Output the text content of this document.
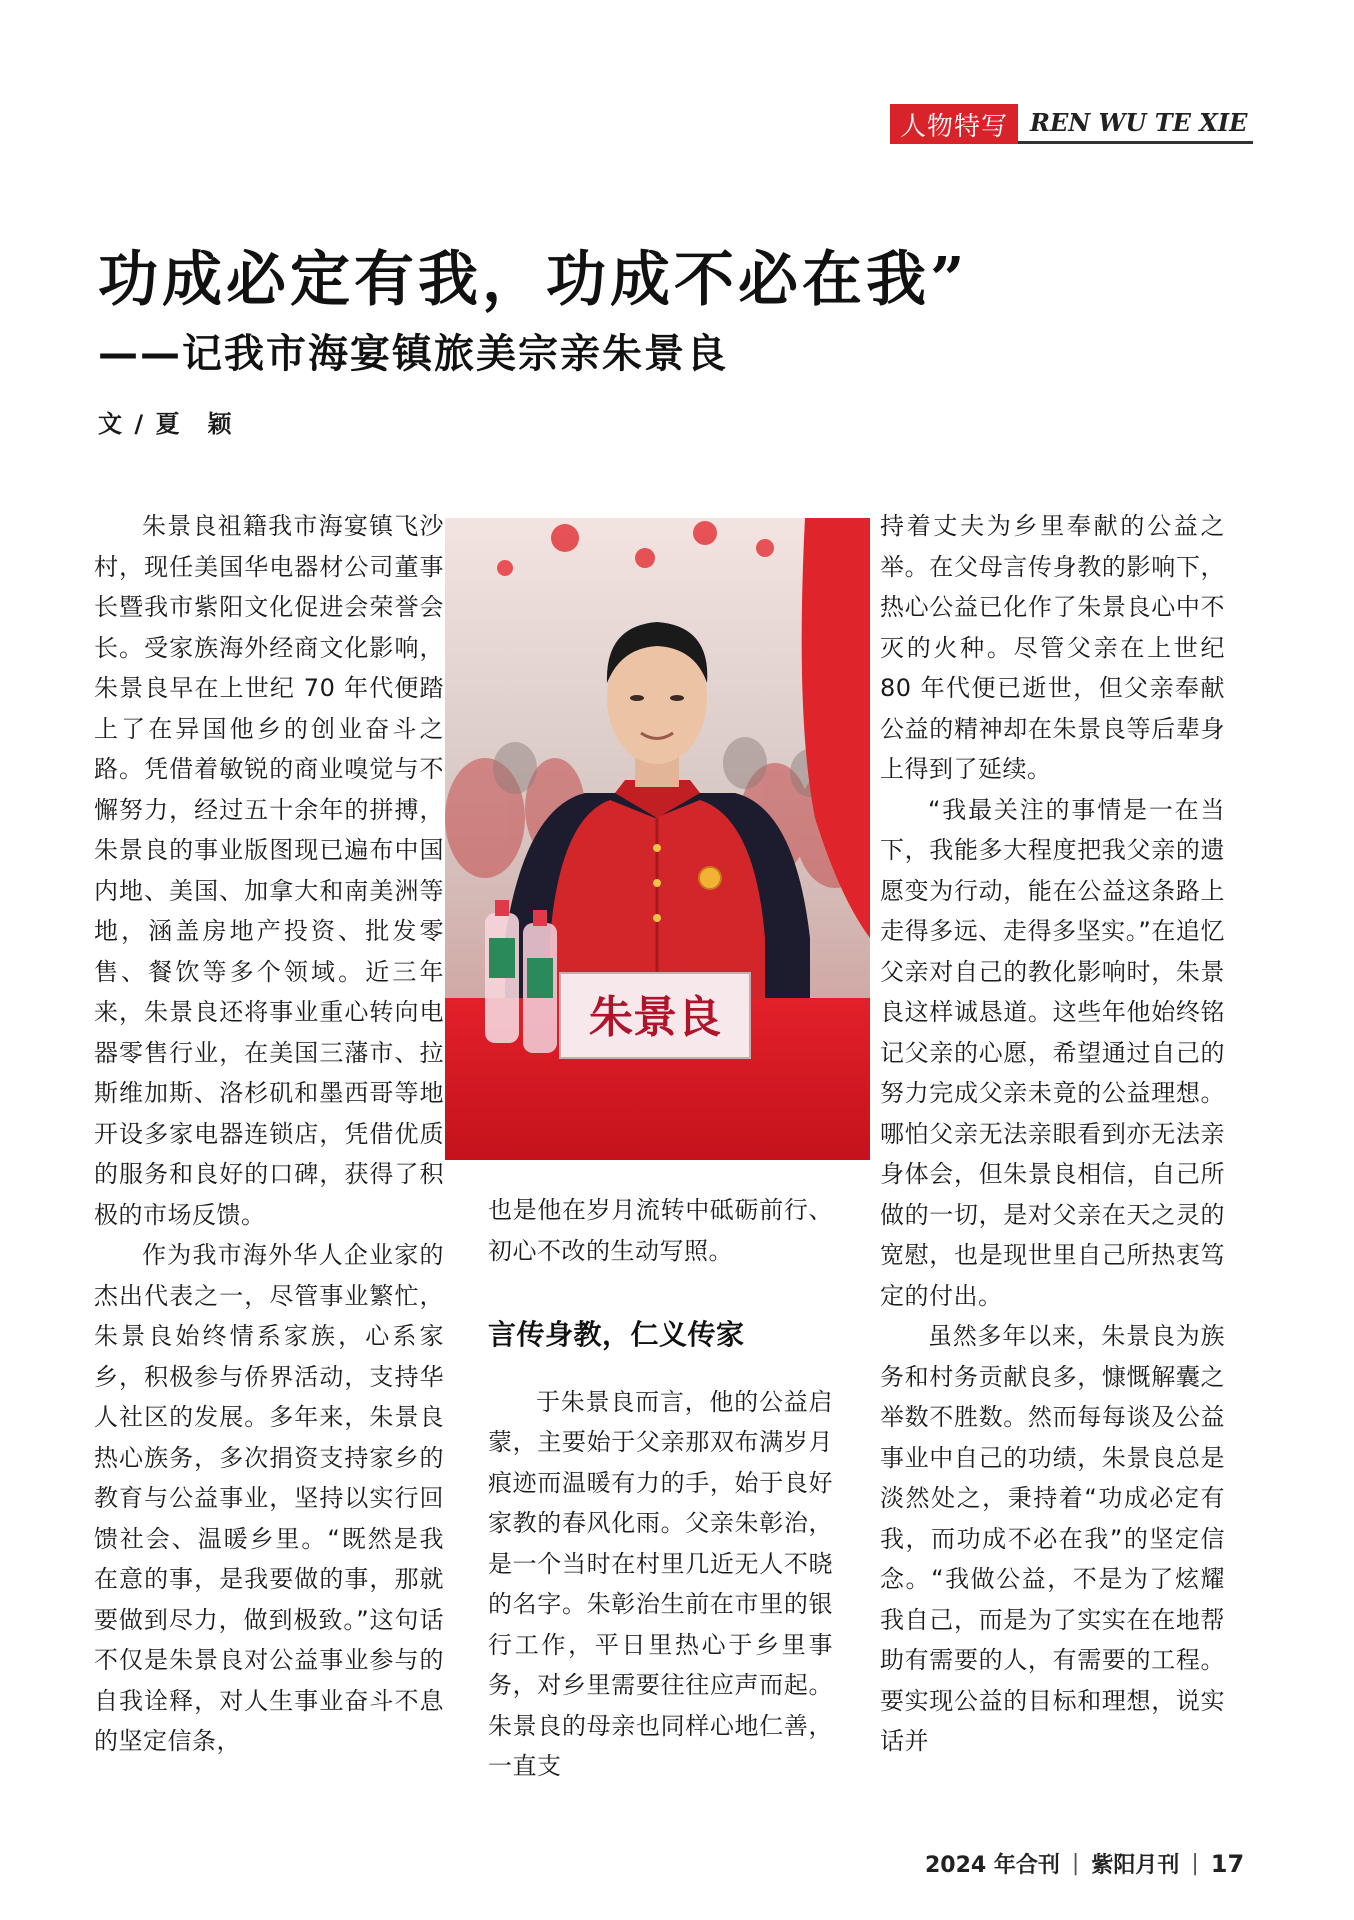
人物特写 REN WU TE XIE
功成必定有我，功成不必在我”
——记我市海宴镇旅美宗亲朱景良
文 / 夏　颖

朱景良祖籍我市海宴镇飞沙村，现任美国华电器材公司董事长暨我市紫阳文化促进会荣誉会长。受家族海外经商文化影响，朱景良早在上世纪 70 年代便踏上了在异国他乡的创业奋斗之路。凭借着敏锐的商业嗅觉与不懈努力，经过五十余年的拼搏，朱景良的事业版图现已遍布中国内地、美国、加拿大和南美洲等地，涵盖房地产投资、批发零售、餐饮等多个领域。近三年来，朱景良还将事业重心转向电器零售行业，在美国三藩市、拉斯维加斯、洛杉矶和墨西哥等地开设多家电器连锁店，凭借优质的服务和良好的口碑，获得了积极的市场反馈。

作为我市海外华人企业家的杰出代表之一，尽管事业繁忙，朱景良始终情系家族，心系家乡，积极参与侨界活动，支持华人社区的发展。多年来，朱景良热心族务，多次捐资支持家乡的教育与公益事业，坚持以实行回馈社会、温暖乡里。“既然是我在意的事，是我要做的事，那就要做到尽力，做到极致。”这句话不仅是朱景良对公益事业参与的自我诠释，对人生事业奋斗不息的坚定信条，

朱景良

也是他在岁月流转中砥砺前行、初心不改的生动写照。

言传身教，仁义传家

于朱景良而言，他的公益启蒙，主要始于父亲那双布满岁月痕迹而温暖有力的手，始于良好家教的春风化雨。父亲朱彰治，是一个当时在村里几近无人不晓的名字。朱彰治生前在市里的银行工作，平日里热心于乡里事务，对乡里需要往往应声而起。朱景良的母亲也同样心地仁善，一直支

持着丈夫为乡里奉献的公益之举。在父母言传身教的影响下，热心公益已化作了朱景良心中不灭的火种。尽管父亲在上世纪 80 年代便已逝世，但父亲奉献公益的精神却在朱景良等后辈身上得到了延续。

“我最关注的事情是一在当下，我能多大程度把我父亲的遗愿变为行动，能在公益这条路上走得多远、走得多坚实。”在追忆父亲对自己的教化影响时，朱景良这样诚恳道。这些年他始终铭记父亲的心愿，希望通过自己的努力完成父亲未竟的公益理想。哪怕父亲无法亲眼看到亦无法亲身体会，但朱景良相信，自己所做的一切，是对父亲在天之灵的宽慰，也是现世里自己所热衷笃定的付出。

虽然多年以来，朱景良为族务和村务贡献良多，慷慨解囊之举数不胜数。然而每每谈及公益事业中自己的功绩，朱景良总是淡然处之，秉持着“功成必定有我，而功成不必在我”的坚定信念。“我做公益，不是为了炫耀我自己，而是为了实实在在地帮助有需要的人，有需要的工程。要实现公益的目标和理想，说实话并

2024 年合刊 | 紫阳月刊 | 17
